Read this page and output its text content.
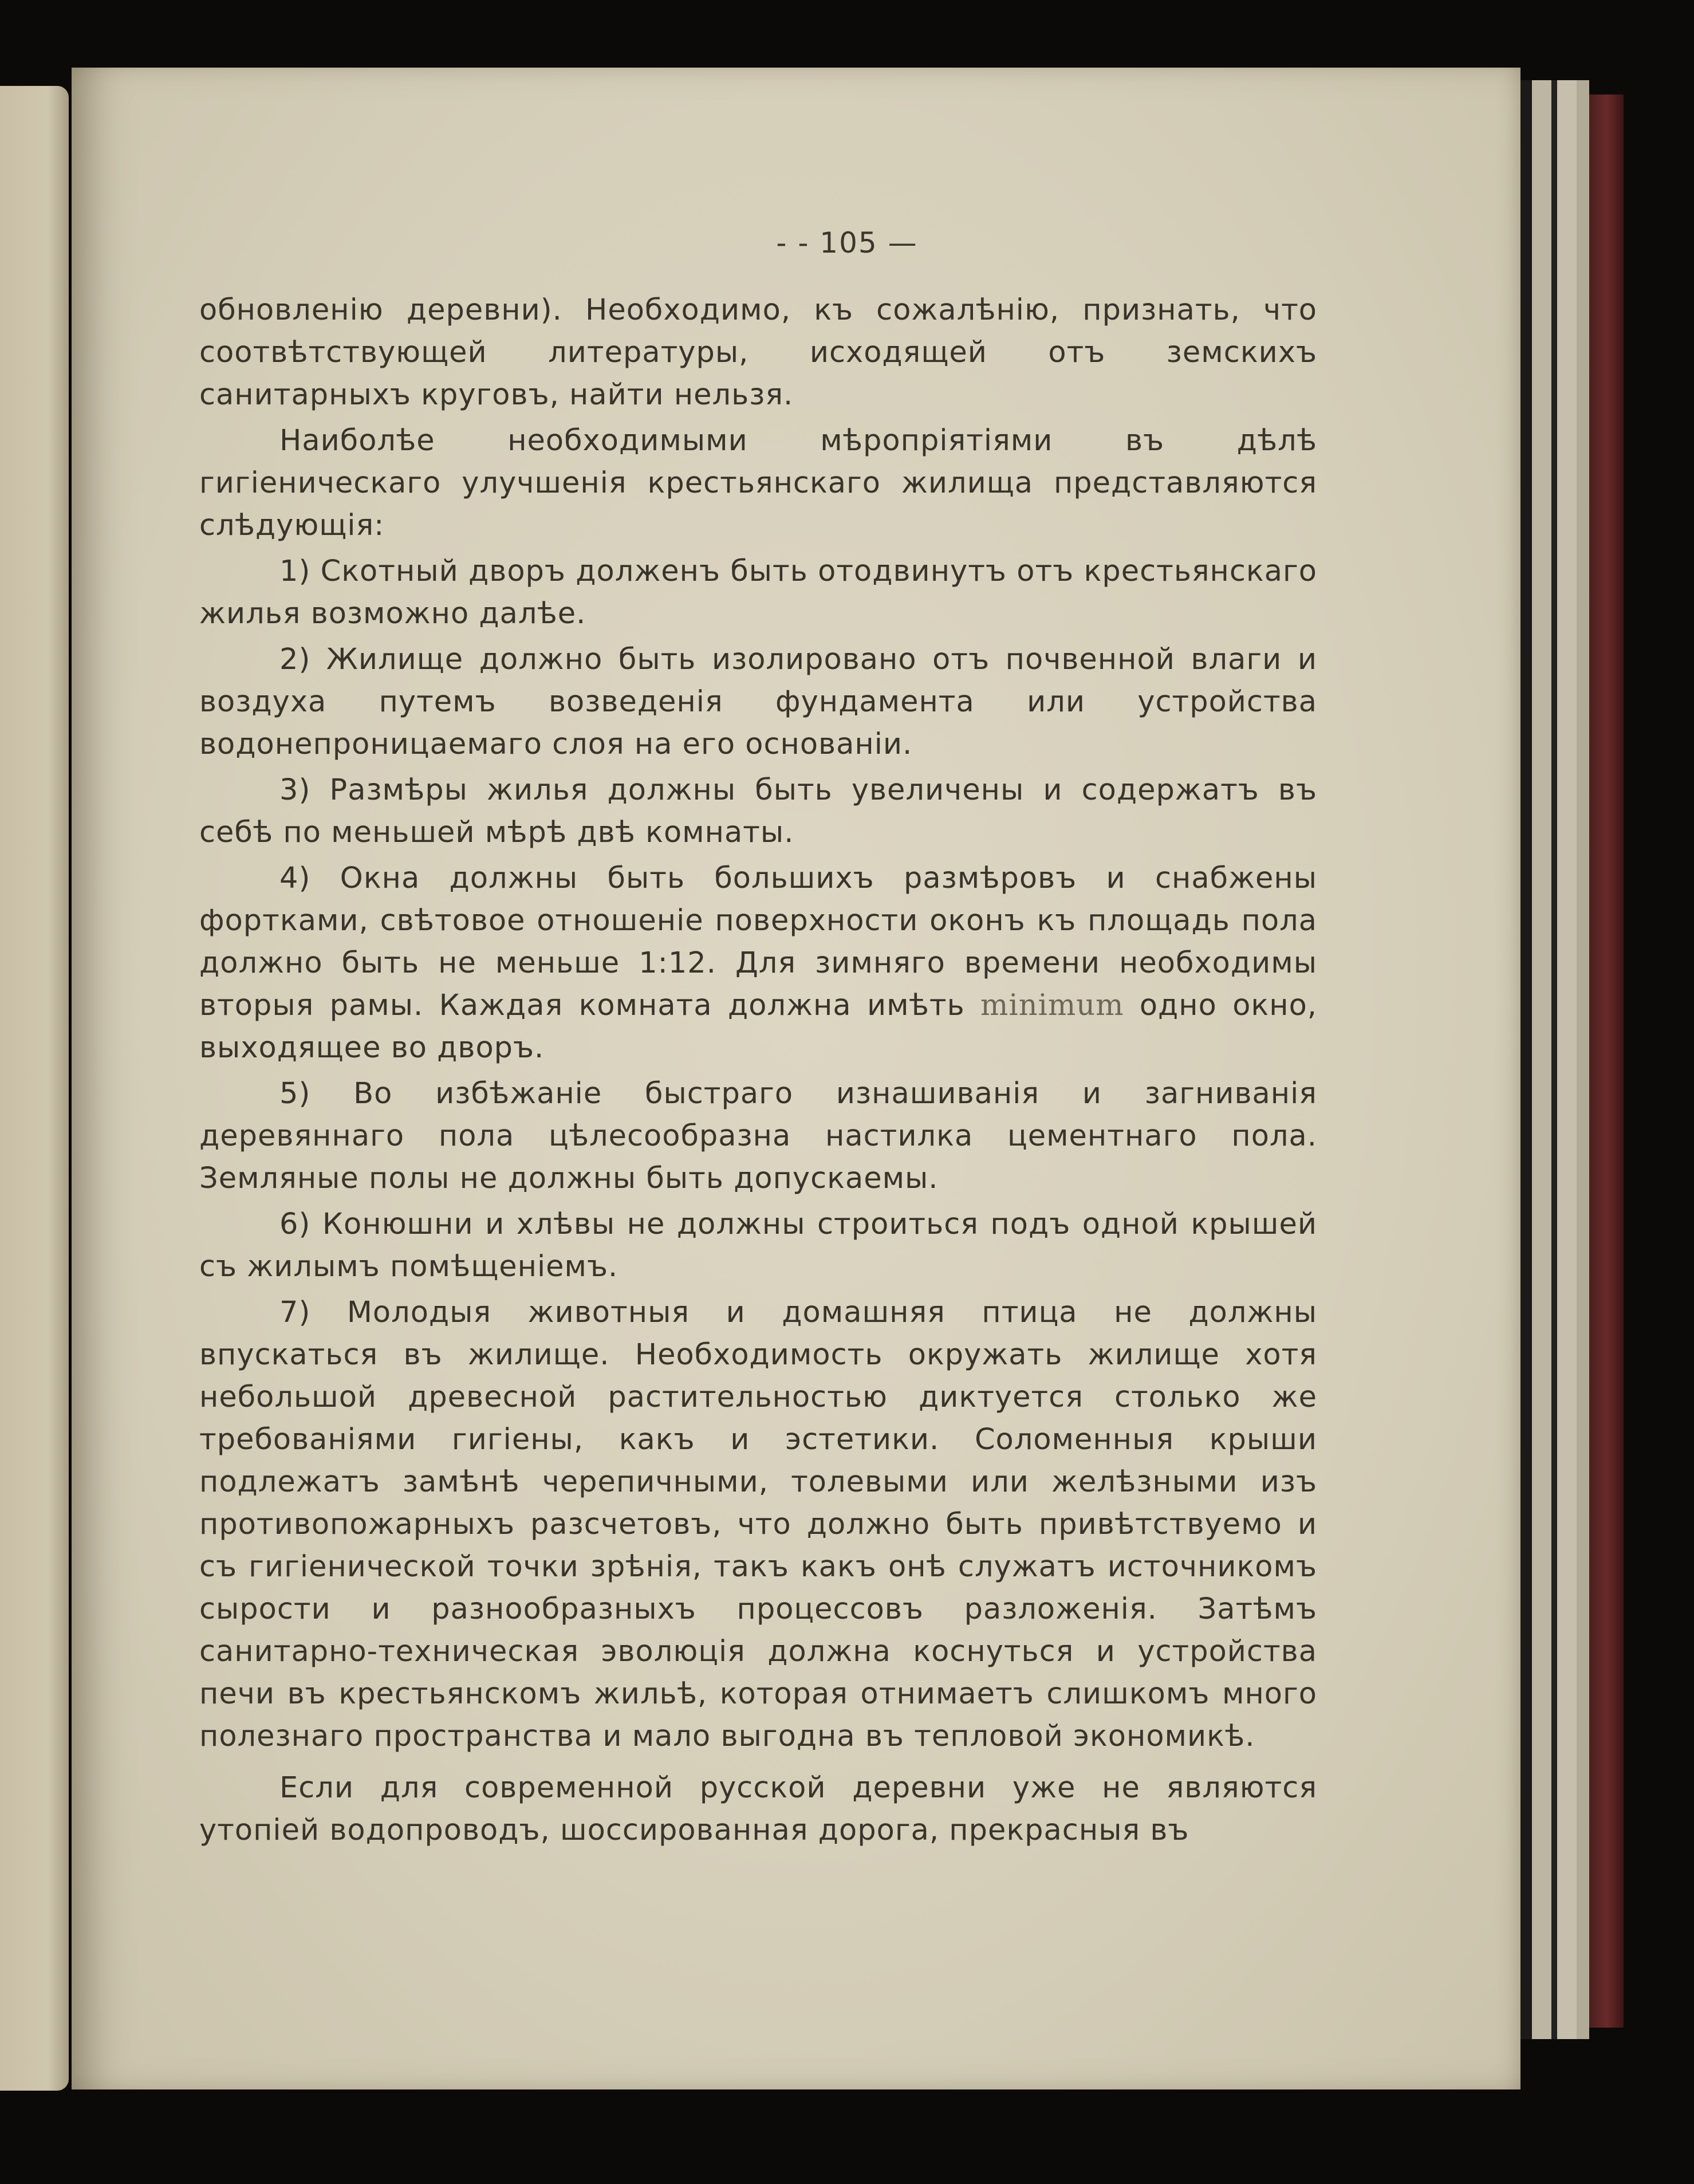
- - 105 —

обновленію деревни). Необходимо, къ сожалѣнію, признать, что соотвѣтствующей литературы, исходящей отъ земскихъ санитарныхъ круговъ, найти нельзя.

Наиболѣе необходимыми мѣропріятіями въ дѣлѣ гигіеническаго улучшенія крестьянскаго жилища представляются слѣдующія:

1) Скотный дворъ долженъ быть отодвинутъ отъ крестьянскаго жилья возможно далѣе.

2) Жилище должно быть изолировано отъ почвенной влаги и воздуха путемъ возведенія фундамента или устройства водонепроницаемаго слоя на его основаніи.

3) Размѣры жилья должны быть увеличены и содержатъ въ себѣ по меньшей мѣрѣ двѣ комнаты.

4) Окна должны быть большихъ размѣровъ и снабжены фортками, свѣтовое отношеніе поверхности оконъ къ площадь пола должно быть не меньше 1:12. Для зимняго времени необходимы вторыя рамы. Каждая комната должна имѣть minimum одно окно, выходящее во дворъ.

5) Во избѣжаніе быстраго изнашиванія и загниванія деревяннаго пола цѣлесообразна настилка цементнаго пола. Земляные полы не должны быть допускаемы.

6) Конюшни и хлѣвы не должны строиться подъ одной крышей съ жилымъ помѣщеніемъ.

7) Молодыя животныя и домашняя птица не должны впускаться въ жилище. Необходимость окружать жилище хотя небольшой древесной растительностью диктуется столько же требованіями гигіены, какъ и эстетики. Соломенныя крыши подлежатъ замѣнѣ черепичными, толевыми или желѣзными изъ противопожарныхъ разсчетовъ, что должно быть привѣтствуемо и съ гигіенической точки зрѣнія, такъ какъ онѣ служатъ источникомъ сырости и разнообразныхъ процессовъ разложенія. Затѣмъ санитарно-техническая эволюція должна коснуться и устройства печи въ крестьянскомъ жильѣ, которая отнимаетъ слишкомъ много полезнаго пространства и мало выгодна въ тепловой экономикѣ.

Если для современной русской деревни уже не являются утопіей водопроводъ, шоссированная дорога, прекрасныя въ
